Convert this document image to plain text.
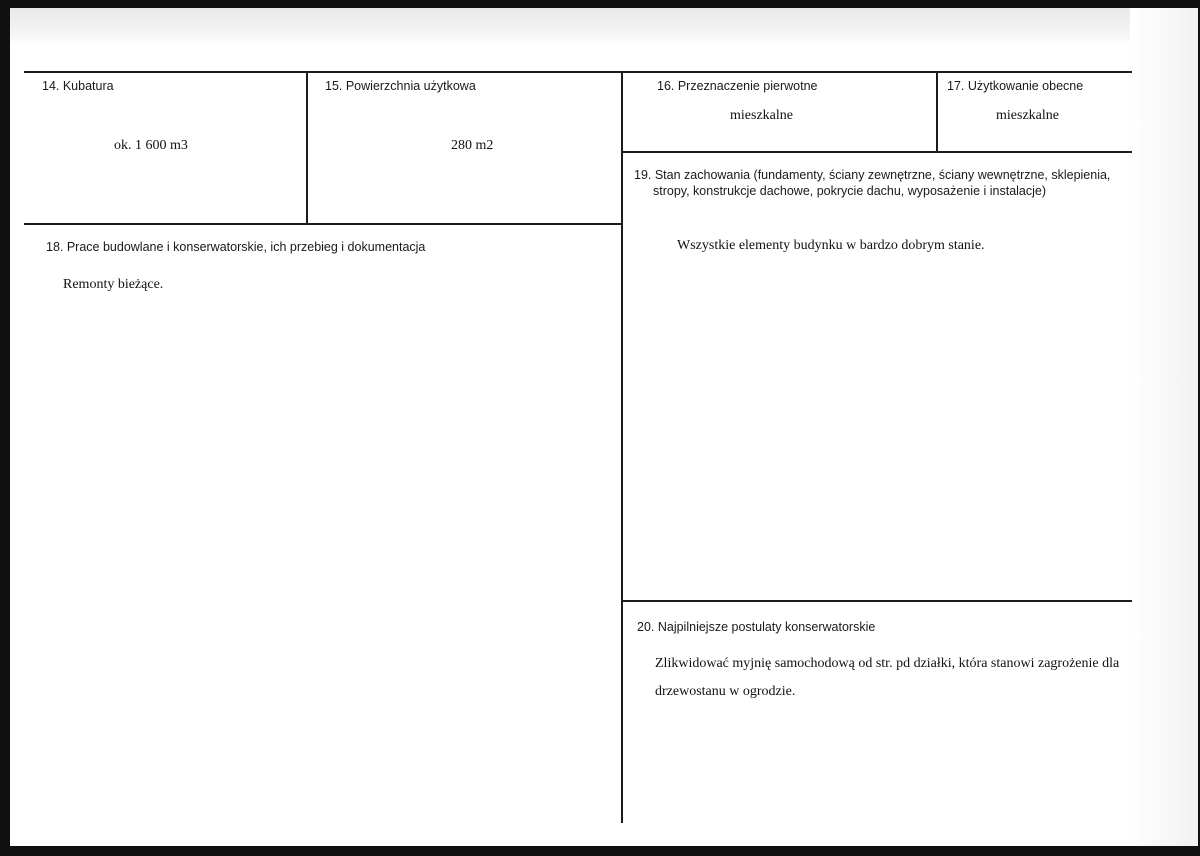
14. Kubatura
ok. 1 600 m3
15. Powierzchnia użytkowa
280 m2
16. Przeznaczenie pierwotne
mieszkalne
17. Użytkowanie obecne
mieszkalne
19. Stan zachowania (fundamenty, ściany zewnętrzne, ściany wewnętrzne, sklepienia,
stropy, konstrukcje dachowe, pokrycie dachu, wyposażenie i instalacje)
Wszystkie elementy budynku w bardzo dobrym stanie.
18. Prace budowlane i konserwatorskie, ich przebieg i dokumentacja
Remonty bieżące.
20. Najpilniejsze postulaty konserwatorskie
Zlikwidować myjnię samochodową od str. pd działki, która stanowi zagrożenie dla
drzewostanu w ogrodzie.
